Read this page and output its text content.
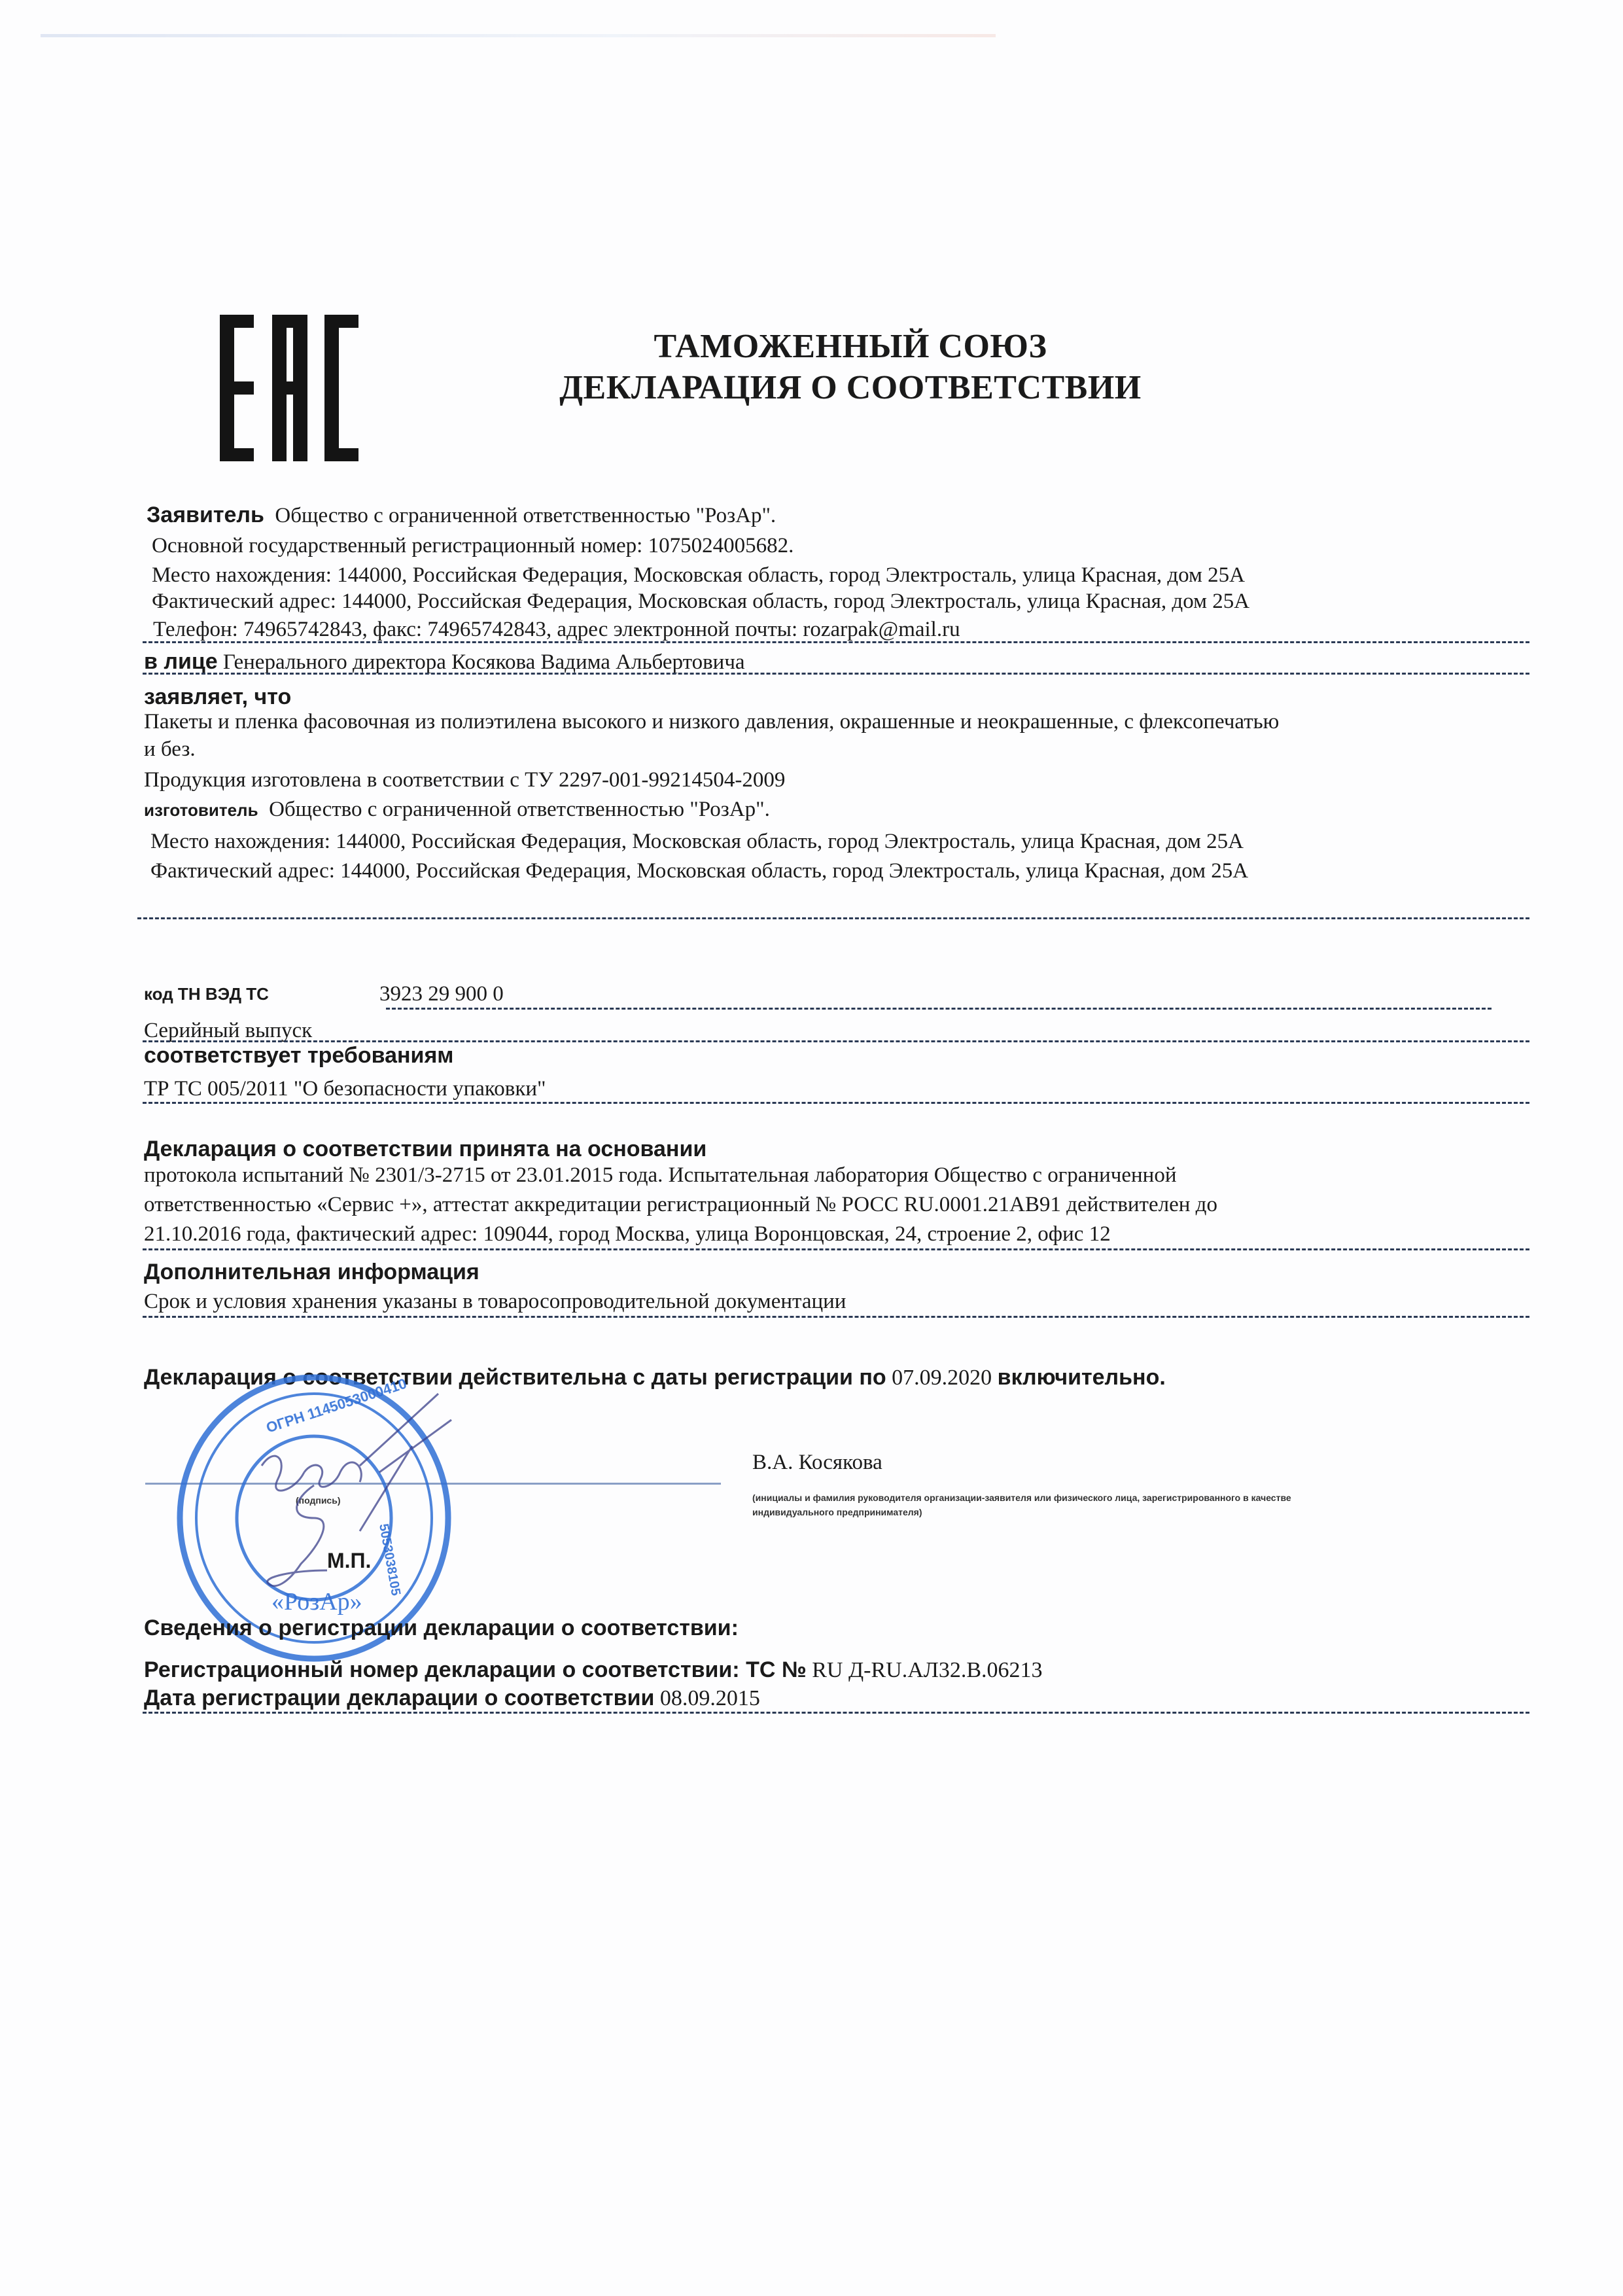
ТАМОЖЕННЫЙ СОЮЗ
ДЕКЛАРАЦИЯ О СООТВЕТСТВИИ
Заявитель Общество с ограниченной ответственностью "РозАр".
Основной государственный регистрационный номер: 1075024005682.
Место нахождения: 144000, Российская Федерация, Московская область, город Электросталь, улица Красная, дом 25А
Фактический адрес: 144000, Российская Федерация, Московская область, город Электросталь, улица Красная, дом 25А
Телефон: 74965742843, факс: 74965742843, адрес электронной почты: rozarpak@mail.ru
в лице Генерального директора Косякова Вадима Альбертовича
заявляет, что
Пакеты и пленка фасовочная из полиэтилена высокого и низкого давления, окрашенные и неокрашенные, с флексопечатью
и без.
Продукция изготовлена в соответствии с ТУ 2297-001-99214504-2009
изготовитель Общество с ограниченной ответственностью "РозАр".
Место нахождения: 144000, Российская Федерация, Московская область, город Электросталь, улица Красная, дом 25А
Фактический адрес: 144000, Российская Федерация, Московская область, город Электросталь, улица Красная, дом 25А
код ТН ВЭД ТС	3923 29 900 0
Серийный выпуск
соответствует требованиям
ТР ТС 005/2011 "О безопасности упаковки"
Декларация о соответствии принята на основании
протокола испытаний № 2301/3-2715 от 23.01.2015 года. Испытательная лаборатория Общество с ограниченной
ответственностью «Сервис +», аттестат аккредитации регистрационный № РОСС RU.0001.21АВ91 действителен до
21.10.2016 года, фактический адрес: 109044, город Москва, улица Воронцовская, 24, строение 2, офис 12
Дополнительная информация
Срок и условия хранения указаны в товаросопроводительной документации
Декларация о соответствии действительна с даты регистрации по 07.09.2020 включительно.
В.А. Косякова
(инициалы и фамилия руководителя организации-заявителя или физического лица, зарегистрированного в качестве
индивидуального предпринимателя)
(подпись)
М.П.
ОГРН 1145053000410
5053038105
«РозАр»
Сведения о регистрации декларации о соответствии:
Регистрационный номер декларации о соответствии: ТС № RU Д-RU.АЛ32.В.06213
Дата регистрации декларации о соответствии 08.09.2015
